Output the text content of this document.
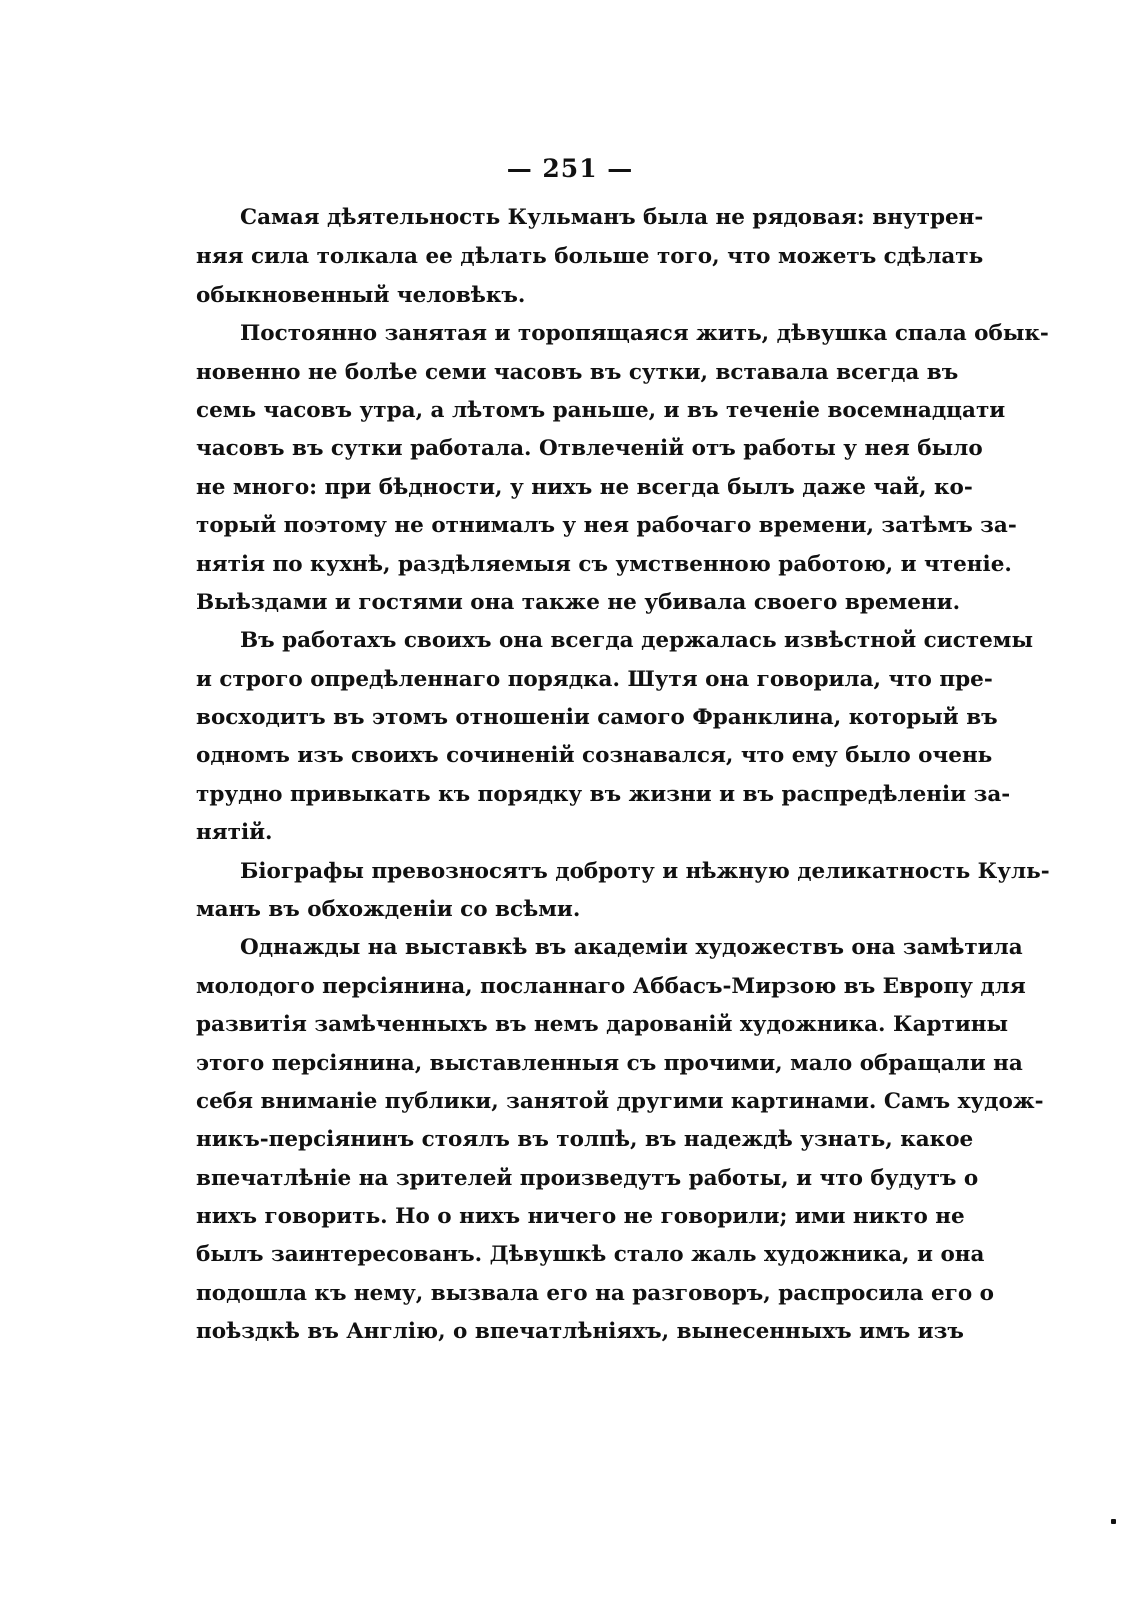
— 251 —
Самая дѣятельность Кульманъ была не рядовая: внутрен-
няя сила толкала ее дѣлать больше того, что можетъ сдѣлать
обыкновенный человѣкъ.
Постоянно занятая и торопящаяся жить, дѣвушка спала обык-
новенно не болѣе семи часовъ въ сутки, вставала всегда въ
семь часовъ утра, а лѣтомъ раньше, и въ теченіе восемнадцати
часовъ въ сутки работала. Отвлеченій отъ работы у нея было
не много: при бѣдности, у нихъ не всегда былъ даже чай, ко-
торый поэтому не отнималъ у нея рабочаго времени, затѣмъ за-
нятія по кухнѣ, раздѣляемыя съ умственною работою, и чтеніе.
Выѣздами и гостями она также не убивала своего времени.
Въ работахъ своихъ она всегда держалась извѣстной системы
и строго опредѣленнаго порядка. Шутя она говорила, что пре-
восходитъ въ этомъ отношеніи самого Франклина, который въ
одномъ изъ своихъ сочиненій сознавался, что ему было очень
трудно привыкать къ порядку въ жизни и въ распредѣленіи за-
нятій.
Біографы превозносятъ доброту и нѣжную деликатность Куль-
манъ въ обхожденіи со всѣми.
Однажды на выставкѣ въ академіи художествъ она замѣтила
молодого персіянина, посланнаго Аббасъ-Мирзою въ Европу для
развитія замѣченныхъ въ немъ дарованій художника. Картины
этого персіянина, выставленныя съ прочими, мало обращали на
себя вниманіе публики, занятой другими картинами. Самъ худож-
никъ-персіянинъ стоялъ въ толпѣ, въ надеждѣ узнать, какое
впечатлѣніе на зрителей произведутъ работы, и что будутъ о
нихъ говорить. Но о нихъ ничего не говорили; ими никто не
былъ заинтересованъ. Дѣвушкѣ стало жаль художника, и она
подошла къ нему, вызвала его на разговоръ, распросила его о
поѣздкѣ въ Англію, о впечатлѣніяхъ, вынесенныхъ имъ изъ
